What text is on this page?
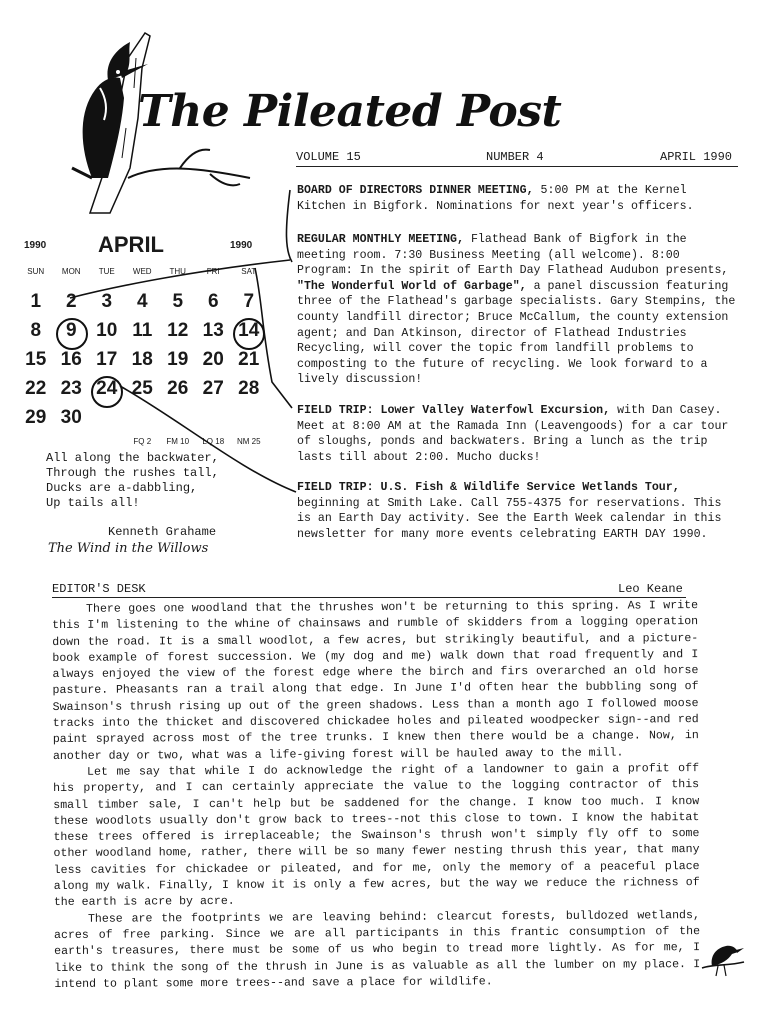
The Pileated Post
VOLUME 15	NUMBER 4	APRIL 1990
BOARD OF DIRECTORS DINNER MEETING, 5:00 PM at the Kernel Kitchen in Bigfork. Nominations for next year's officers.
REGULAR MONTHLY MEETING, Flathead Bank of Bigfork in the meeting room. 7:30 Business Meeting (all welcome). 8:00 Program: In the spirit of Earth Day Flathead Audubon presents, "The Wonderful World of Garbage", a panel discussion featuring three of the Flathead's garbage specialists. Gary Stempins, the county landfill director; Bruce McCallum, the county extension agent; and Dan Atkinson, director of Flathead Industries Recycling, will cover the topic from landfill problems to composting to the future of recycling. We look forward to a lively discussion!
FIELD TRIP: Lower Valley Waterfowl Excursion, with Dan Casey. Meet at 8:00 AM at the Ramada Inn (Leavengoods) for a car tour of sloughs, ponds and backwaters. Bring a lunch as the trip lasts till about 2:00. Mucho ducks!
FIELD TRIP: U.S. Fish & Wildlife Service Wetlands Tour, beginning at Smith Lake. Call 755-4375 for reservations. This is an Earth Day activity. See the Earth Week calendar in this newsletter for many more events celebrating EARTH DAY 1990.
1990 APRIL	1990
SUN	MON	TUE	WED	THU	FRI	SAT
1	2	3	4	5	6	7
8	9	10 11 12 13 14
15 16 17 18 19 20 21
22 23 24 25 26 27 28
29 30
FQ 2	FM 10	LQ 18	NM 25
All along the backwater,
Through the rushes tall,
Ducks are a-dabbling,
Up tails all!
Kenneth Grahame
The Wind in the Willows
EDITOR'S DESK	Leo Keane

There goes one woodland that the thrushes won't be returning to this spring. As I write this I'm listening to the whine of chainsaws and rumble of skidders from a logging operation down the road. It is a small woodlot, a few acres, but strikingly beautiful, and a picture-book example of forest succession. We (my dog and me) walk down that road frequently and I always enjoyed the view of the forest edge where the birch and firs overarched an old horse pasture. Pheasants ran a trail along that edge. In June I'd often hear the bubbling song of Swainson's thrush rising up out of the green shadows. Less than a month ago I followed moose tracks into the thicket and discovered chickadee holes and pileated woodpecker sign--and red paint sprayed across most of the tree trunks. I knew then there would be a change. Now, in another day or two, what was a life-giving forest will be hauled away to the mill.

Let me say that while I do acknowledge the right of a landowner to gain a profit off his property, and I can certainly appreciate the value to the logging contractor of this small timber sale, I can't help but be saddened for the change. I know too much. I know these woodlots usually don't grow back to trees--not this close to town. I know the habitat these trees offered is irreplaceable; the Swainson's thrush won't simply fly off to some other woodland home, rather, there will be so many fewer nesting thrush this year, that many less cavities for chickadee or pileated, and for me, only the memory of a peaceful place along my walk. Finally, I know it is only a few acres, but the way we reduce the richness of the earth is acre by acre.

These are the footprints we are leaving behind: clearcut forests, bulldozed wetlands, acres of free parking. Since we are all participants in this frantic consumption of the earth's treasures, there must be some of us who begin to tread more lightly. As for me, I like to think the song of the thrush in June is as valuable as all the lumber on my place. I intend to plant some more trees--and save a place for wildlife.
